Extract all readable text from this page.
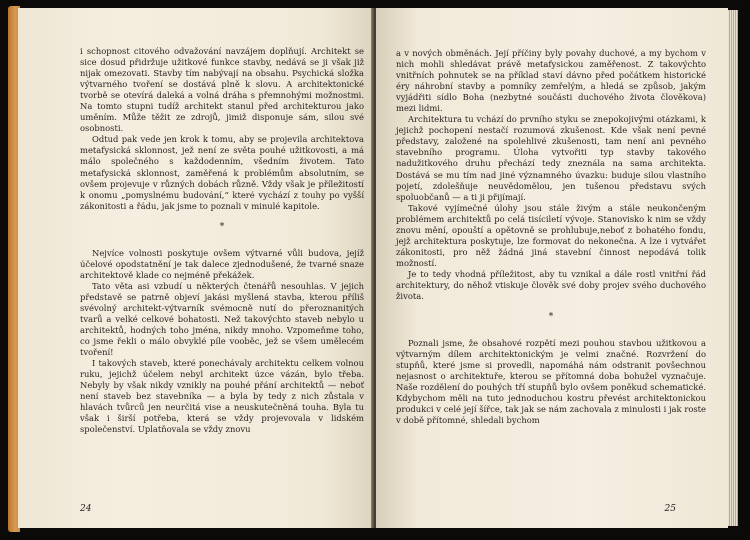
i schopnost citového odvažování navzájem doplňují. Architekt se sice dosud přidržuje užitkové funkce stavby, nedává se ji však již nijak omezovati. Stavby tím nabývají na obsahu. Psychická složka výtvarného tvoření se dostává plně k slovu. A architektonické tvorbě se otevírá daleká a volná dráha s přemnohými možnostmi. Na tomto stupni tudíž architekt stanul před architekturou jako uměním. Může těžit ze zdrojů, jimiž disponuje sám, silou své osobnosti.

Odtud pak vede jen krok k tomu, aby se projevila architektova metafysická sklonnost, jež není ze světa pouhé užitkovosti, a má málo společného s každodenním, všedním životem. Tato metafysická sklonnost, zaměřená k problémům absolutním, se ovšem projevuje v různých dobách různě. Vždy však je příležitostí k onomu „pomyslnému budování,“ které vychází z touhy po vyšší zákonitosti a řádu, jak jsme to poznali v minulé kapitole.

*

Nejvíce volnosti poskytuje ovšem výtvarné vůli budova, jejíž účelové opodstatnění je tak dalece zjednodušené, že tvarné snaze architektově klade co nejméně překážek.

Tato věta asi vzbudí u některých čtenářů nesouhlas. V jejich představě se patrně objeví jakási myšlená stavba, kterou příliš svévolný architekt-výtvarník svémocně nutí do přeroznanitých tvarů a velké celkové bohatosti. Než takovýchto staveb nebylo u architektů, hodných toho jména, nikdy mnoho. Vzpomeňme toho, co jsme řekli o málo obvyklé píle vooběc, jež se všem umělecém tvoření!

I takových staveb, které ponechávaly architektu celkem volnou ruku, jejichž účelem nebyl architekt úzce vázán, bylo třeba. Nebyly by však nikdy vznikly na pouhé přání architektů — neboť není staveb bez stavebníka — a byla by tedy z nich zůstala v hlavách tvůrců jen neurčitá vise a neuskutečněná touha. Byla tu však i širší potřeba, která se vždy projevovala v lidském společenství. Uplatňovala se vždy znovu

24

a v nových obměnách. Její příčiny byly povahy duchové, a my bychom v nich mohli shledávat právě metafysickou zaměřenost. Z takovýchto vnitřních pohnutek se na příklad staví dávno před počátkem historické éry náhrobní stavby a pomníky zemřelým, a hledá se způsob, jakým vyjádřiti sídlo Boha (nezbytné součásti duchového života člověkova) mezi lidmi.

Architektura tu vchází do prvního styku se znepokojivými otázkami, k jejichž pochopení nestačí rozumová zkušenost. Kde však není pevné představy, založené na spolehlivé zkušenosti, tam není ani pevného stavebního programu. Úloha vytvořiti typ stavby takového nadužitkového druhu přechází tedy zneznála na sama architekta. Dostává se mu tím nad jiné významného úvazku: buduje silou vlastního pojetí, zdolešňuje neuvědomělou, jen tušenou představu svých spoluobčanů — a ti ji přijímají.

Takové vyjímečné úlohy jsou stále živým a stále neukončeným problémem architektů po celá tisíciletí vývoje. Stanovisko k nim se vždy znovu mění, opouští a opětovně se prohlubuje,neboť z bohatého fondu, jejž architektura poskytuje, lze formovat do nekonečna. A lze i vytvářet zákonitosti, pro něž žádná jiná stavební činnost nepodává tolik možností.

Je to tedy vhodná příležitost, aby tu vznikal a dále rostl vnitřní řád architektury, do něhož vtiskuje člověk své doby projev svého duchového života.

*

Poznali jsme, že obsahové rozpětí mezi pouhou stavbou užitkovou a výtvarným dílem architektonickým je velmi značné. Rozvržení do stupňů, které jsme si provedli, napomáhá nám odstranit povšechnou nejasnost o architektuře, kterou se přítomná doba bohužel vyznačuje. Naše rozdělení do pouhých tří stupňů bylo ovšem poněkud schematické. Kdybychom měli na tuto jednoduchou kostru převést architektonickou produkci v celé její šířce, tak jak se nám zachovala z minulosti i jak roste v době přítomné, shledali bychom

25
